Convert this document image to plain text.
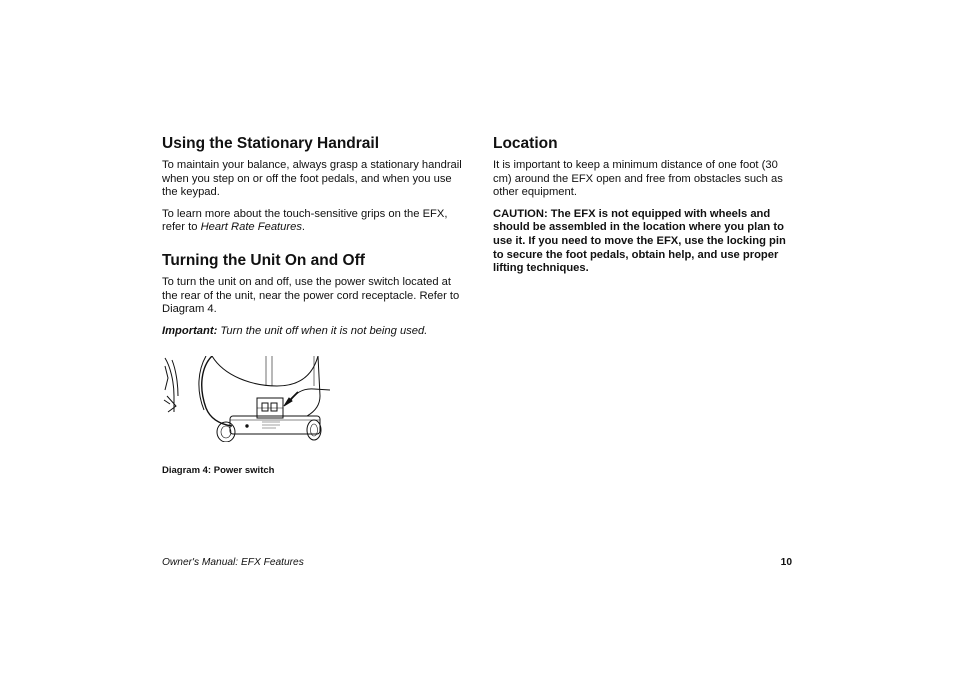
Using the Stationary Handrail

To maintain your balance, always grasp a stationary handrail when you step on or off the foot pedals, and when you use the keypad.

To learn more about the touch-sensitive grips on the EFX, refer to Heart Rate Features.

Turning the Unit On and Off

To turn the unit on and off, use the power switch located at the rear of the unit, near the power cord receptacle. Refer to Diagram 4.

Important: Turn the unit off when it is not being used.

Diagram 4: Power switch
Location

It is important to keep a minimum distance of one foot (30 cm) around the EFX open and free from obstacles such as other equipment.

CAUTION: The EFX is not equipped with wheels and should be assembled in the location where you plan to use it. If you need to move the EFX, use the locking pin to secure the foot pedals, obtain help, and use proper lifting techniques.

Owner's Manual: EFX Features	10
